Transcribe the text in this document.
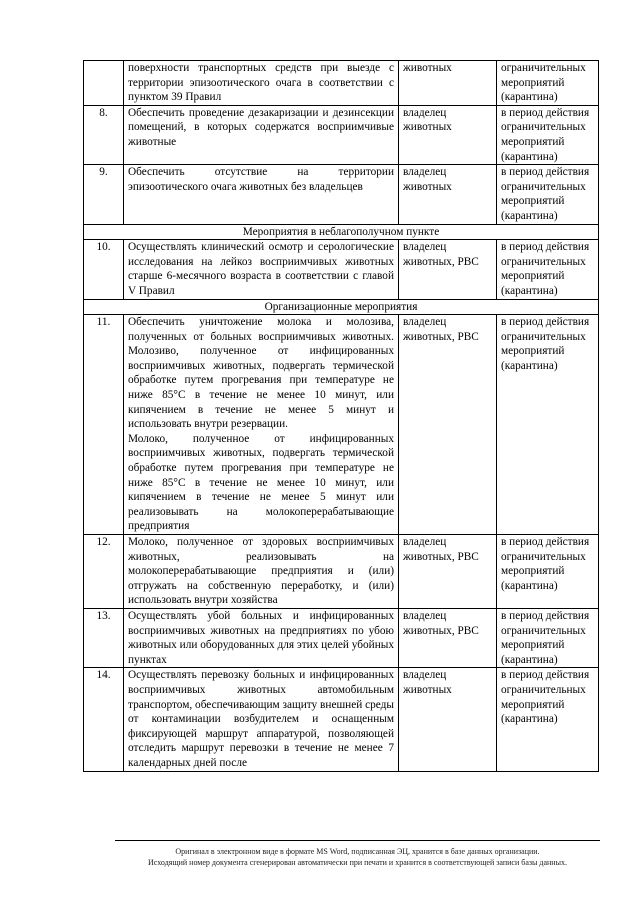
	поверхности транспортных средств при выезде с территории эпизоотического очага в соответствии с пунктом 39 Правил	животных	ограничительных мероприятий (карантина)
8.	Обеспечить проведение дезакаризации и дезинсекции помещений, в которых содержатся восприимчивые животные	владелец животных	в период действия ограничительных мероприятий (карантина)
9.	Обеспечить отсутствие на территории эпизоотического очага животных без владельцев	владелец животных	в период действия ограничительных мероприятий (карантина)
Мероприятия в неблагополучном пункте			
10.	Осуществлять клинический осмотр и серологические исследования на лейкоз восприимчивых животных старше 6-месячного возраста в соответствии с главой V Правил	владелец животных, РВС	в период действия ограничительных мероприятий (карантина)
Организационные мероприятия			
11.	Обеспечить уничтожение молока и молозива, полученных от больных восприимчивых животных. Молозиво, полученное от инфицированных восприимчивых животных, подвергать термической обработке путем прогревания при температуре не ниже 85°С в течение не менее 10 минут, или кипячением в течение не менее 5 минут и использовать внутри резервации.

Молоко, полученное от инфицированных восприимчивых животных, подвергать термической обработке путем прогревания при температуре не ниже 85°С в течение не менее 10 минут, или кипячением в течение не менее 5 минут или реализовывать на молокоперерабатывающие предприятия	владелец животных, РВС	в период действия ограничительных мероприятий (карантина)
12.	Молоко, полученное от здоровых восприимчивых животных, реализовывать на молокоперерабатывающие предприятия и (или) отгружать на собственную переработку, и (или) использовать внутри хозяйства	владелец животных, РВС	в период действия ограничительных мероприятий (карантина)
13.	Осуществлять убой больных и инфицированных восприимчивых животных на предприятиях по убою животных или оборудованных для этих целей убойных пунктах	владелец животных, РВС	в период действия ограничительных мероприятий (карантина)
14.	Осуществлять перевозку больных и инфицированных восприимчивых животных автомобильным транспортом, обеспечивающим защиту внешней среды от контаминации возбудителем и оснащенным фиксирующей маршрут аппаратурой, позволяющей отследить маршрут перевозки в течение не менее 7 календарных дней после	владелец животных	в период действия ограничительных мероприятий (карантина)
Оригинал в электронном виде в формате MS Word, подписанная ЭЦ, хранится в базе данных организации.
Исходящий номер документа сгенерирован автоматически при печати и хранится в соответствующей записи базы данных.
